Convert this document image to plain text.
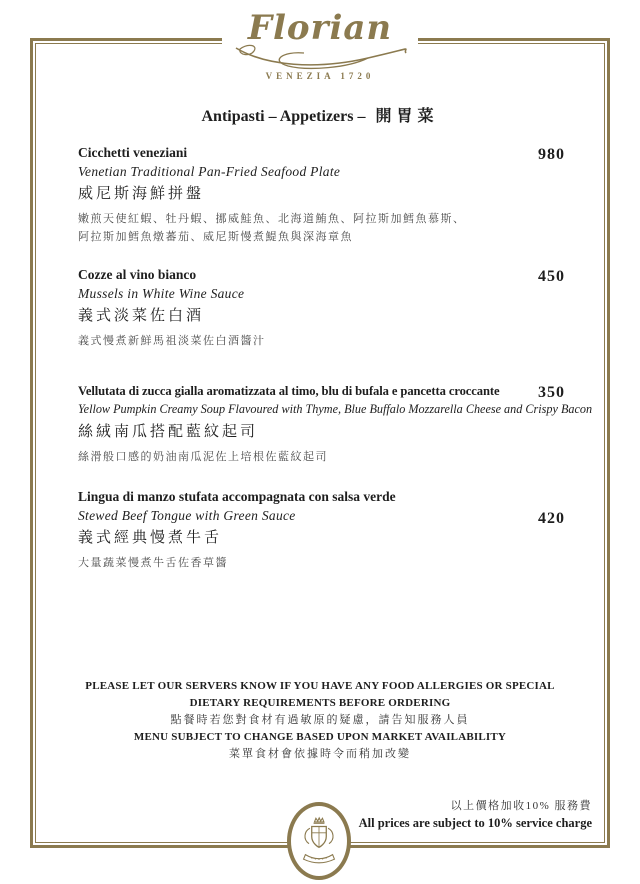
Florian
VENEZIA 1720
Antipasti – Appetizers – 開胃菜
Cicchetti veneziani
Venetian Traditional Pan-Fried Seafood Plate
威尼斯海鮮拼盤
嫩煎天使紅蝦、牡丹蝦、挪威鮭魚、北海道鮪魚、阿拉斯加鱈魚慕斯、
阿拉斯加鱈魚燉蕃茄、威尼斯慢煮鯷魚與深海章魚
980
Cozze al vino bianco
Mussels in White Wine Sauce
義式淡菜佐白酒
義式慢煮新鮮馬祖淡菜佐白酒醬汁
450
Vellutata di zucca gialla aromatizzata al timo, blu di bufala e pancetta croccante
Yellow Pumpkin Creamy Soup Flavoured with Thyme, Blue Buffalo Mozzarella Cheese and Crispy Bacon
絲絨南瓜搭配藍紋起司
絲滑般口感的奶油南瓜泥佐上培根佐藍紋起司
350
Lingua di manzo stufata accompagnata con salsa verde
Stewed Beef Tongue with Green Sauce
義式經典慢煮牛舌
大量蔬菜慢煮牛舌佐香草醬
420
PLEASE LET OUR SERVERS KNOW IF YOU HAVE ANY FOOD ALLERGIES OR SPECIAL
DIETARY REQUIREMENTS BEFORE ORDERING
點餐時若您對食材有過敏原的疑慮，請告知服務人員
MENU SUBJECT TO CHANGE BASED UPON MARKET AVAILABILITY
菜單食材會依據時令而稍加改變
以上價格加收10% 服務費
All prices are subject to 10% service charge
